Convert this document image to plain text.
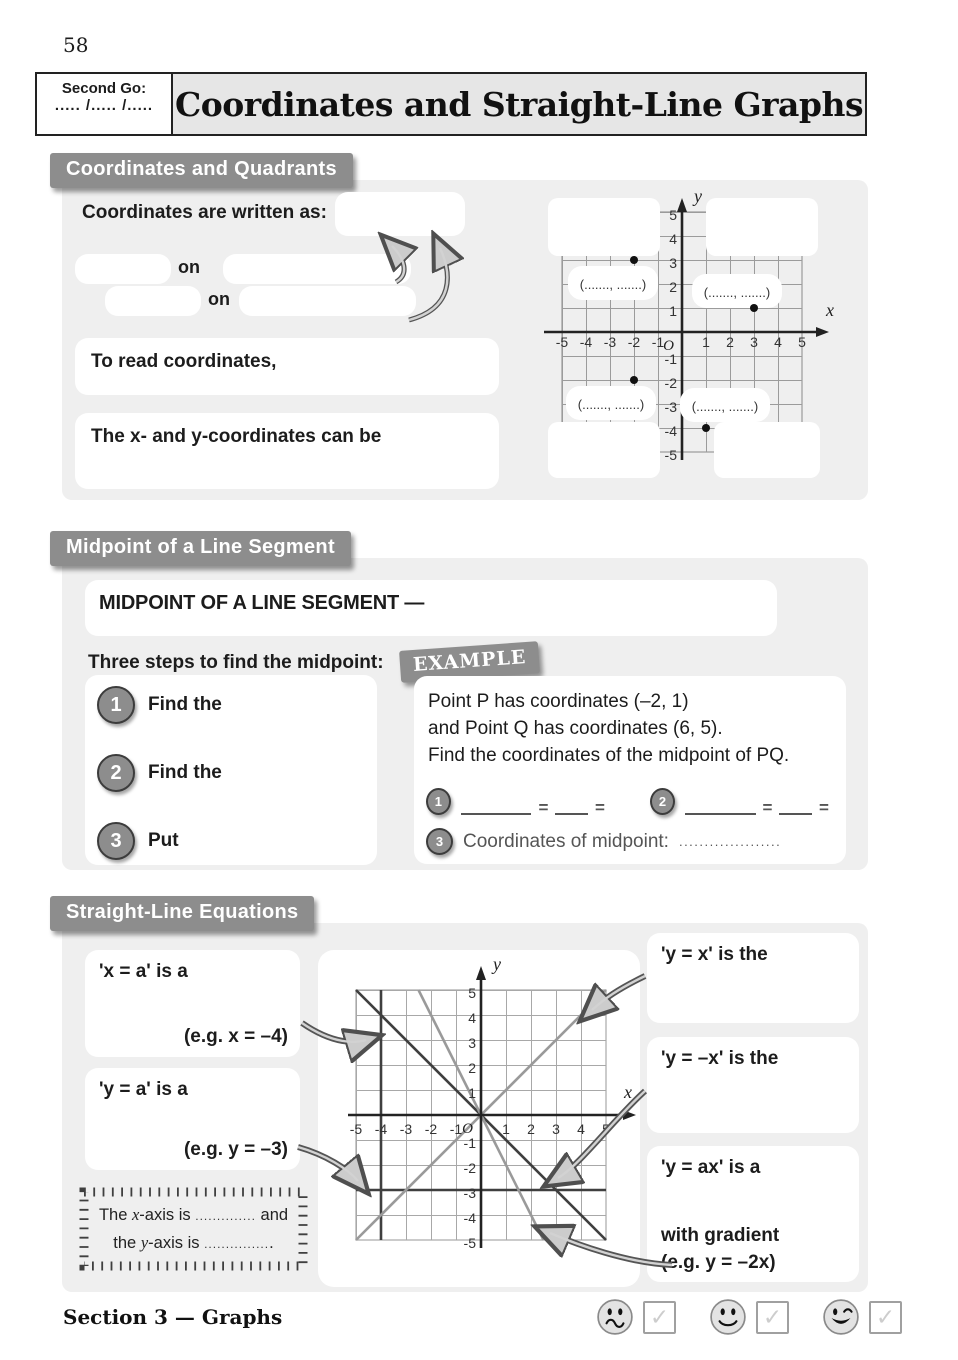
58
Second Go:
..... /..... /..... Coordinates and Straight-Line Graphs
Coordinates and Quadrants
Coordinates are written as:
on
on
To read coordinates,
The x- and y-coordinates can be
x
y
O
-5 -4 -3 -2 -1	1 2 3 4 5
5
4
3
2
1
-1
-2
-3
-4
-5
(......., .......)
(......., .......)
(......., .......)	(......., .......)
Midpoint of a Line Segment
MIDPOINT OF A LINE SEGMENT —
Three steps to find the midpoint:
1	Find the
2	Find the
3	Put
EXAMPLE
Point P has coordinates (–2, 1)
and Point Q has coordinates (6, 5).
Find the coordinates of the midpoint of PQ.
1	=	=	2	=	=
3	Coordinates of midpoint: ....................
Straight-Line Equations
'x = a' is a
(e.g. x = –4)
'y = a' is a
(e.g. y = –3)
The x-axis is .............. and
the y-axis is ................
x
y
O
-5 -4 -3 -2 -1	1 2 3 4 5
5
4
3
2
1
-1
-2
-3
-4
-5
'y = x' is the
'y = –x' is the
'y = ax' is a
with gradient
(e.g. y = –2x)
Section 3 — Graphs	✓	✓	✓
